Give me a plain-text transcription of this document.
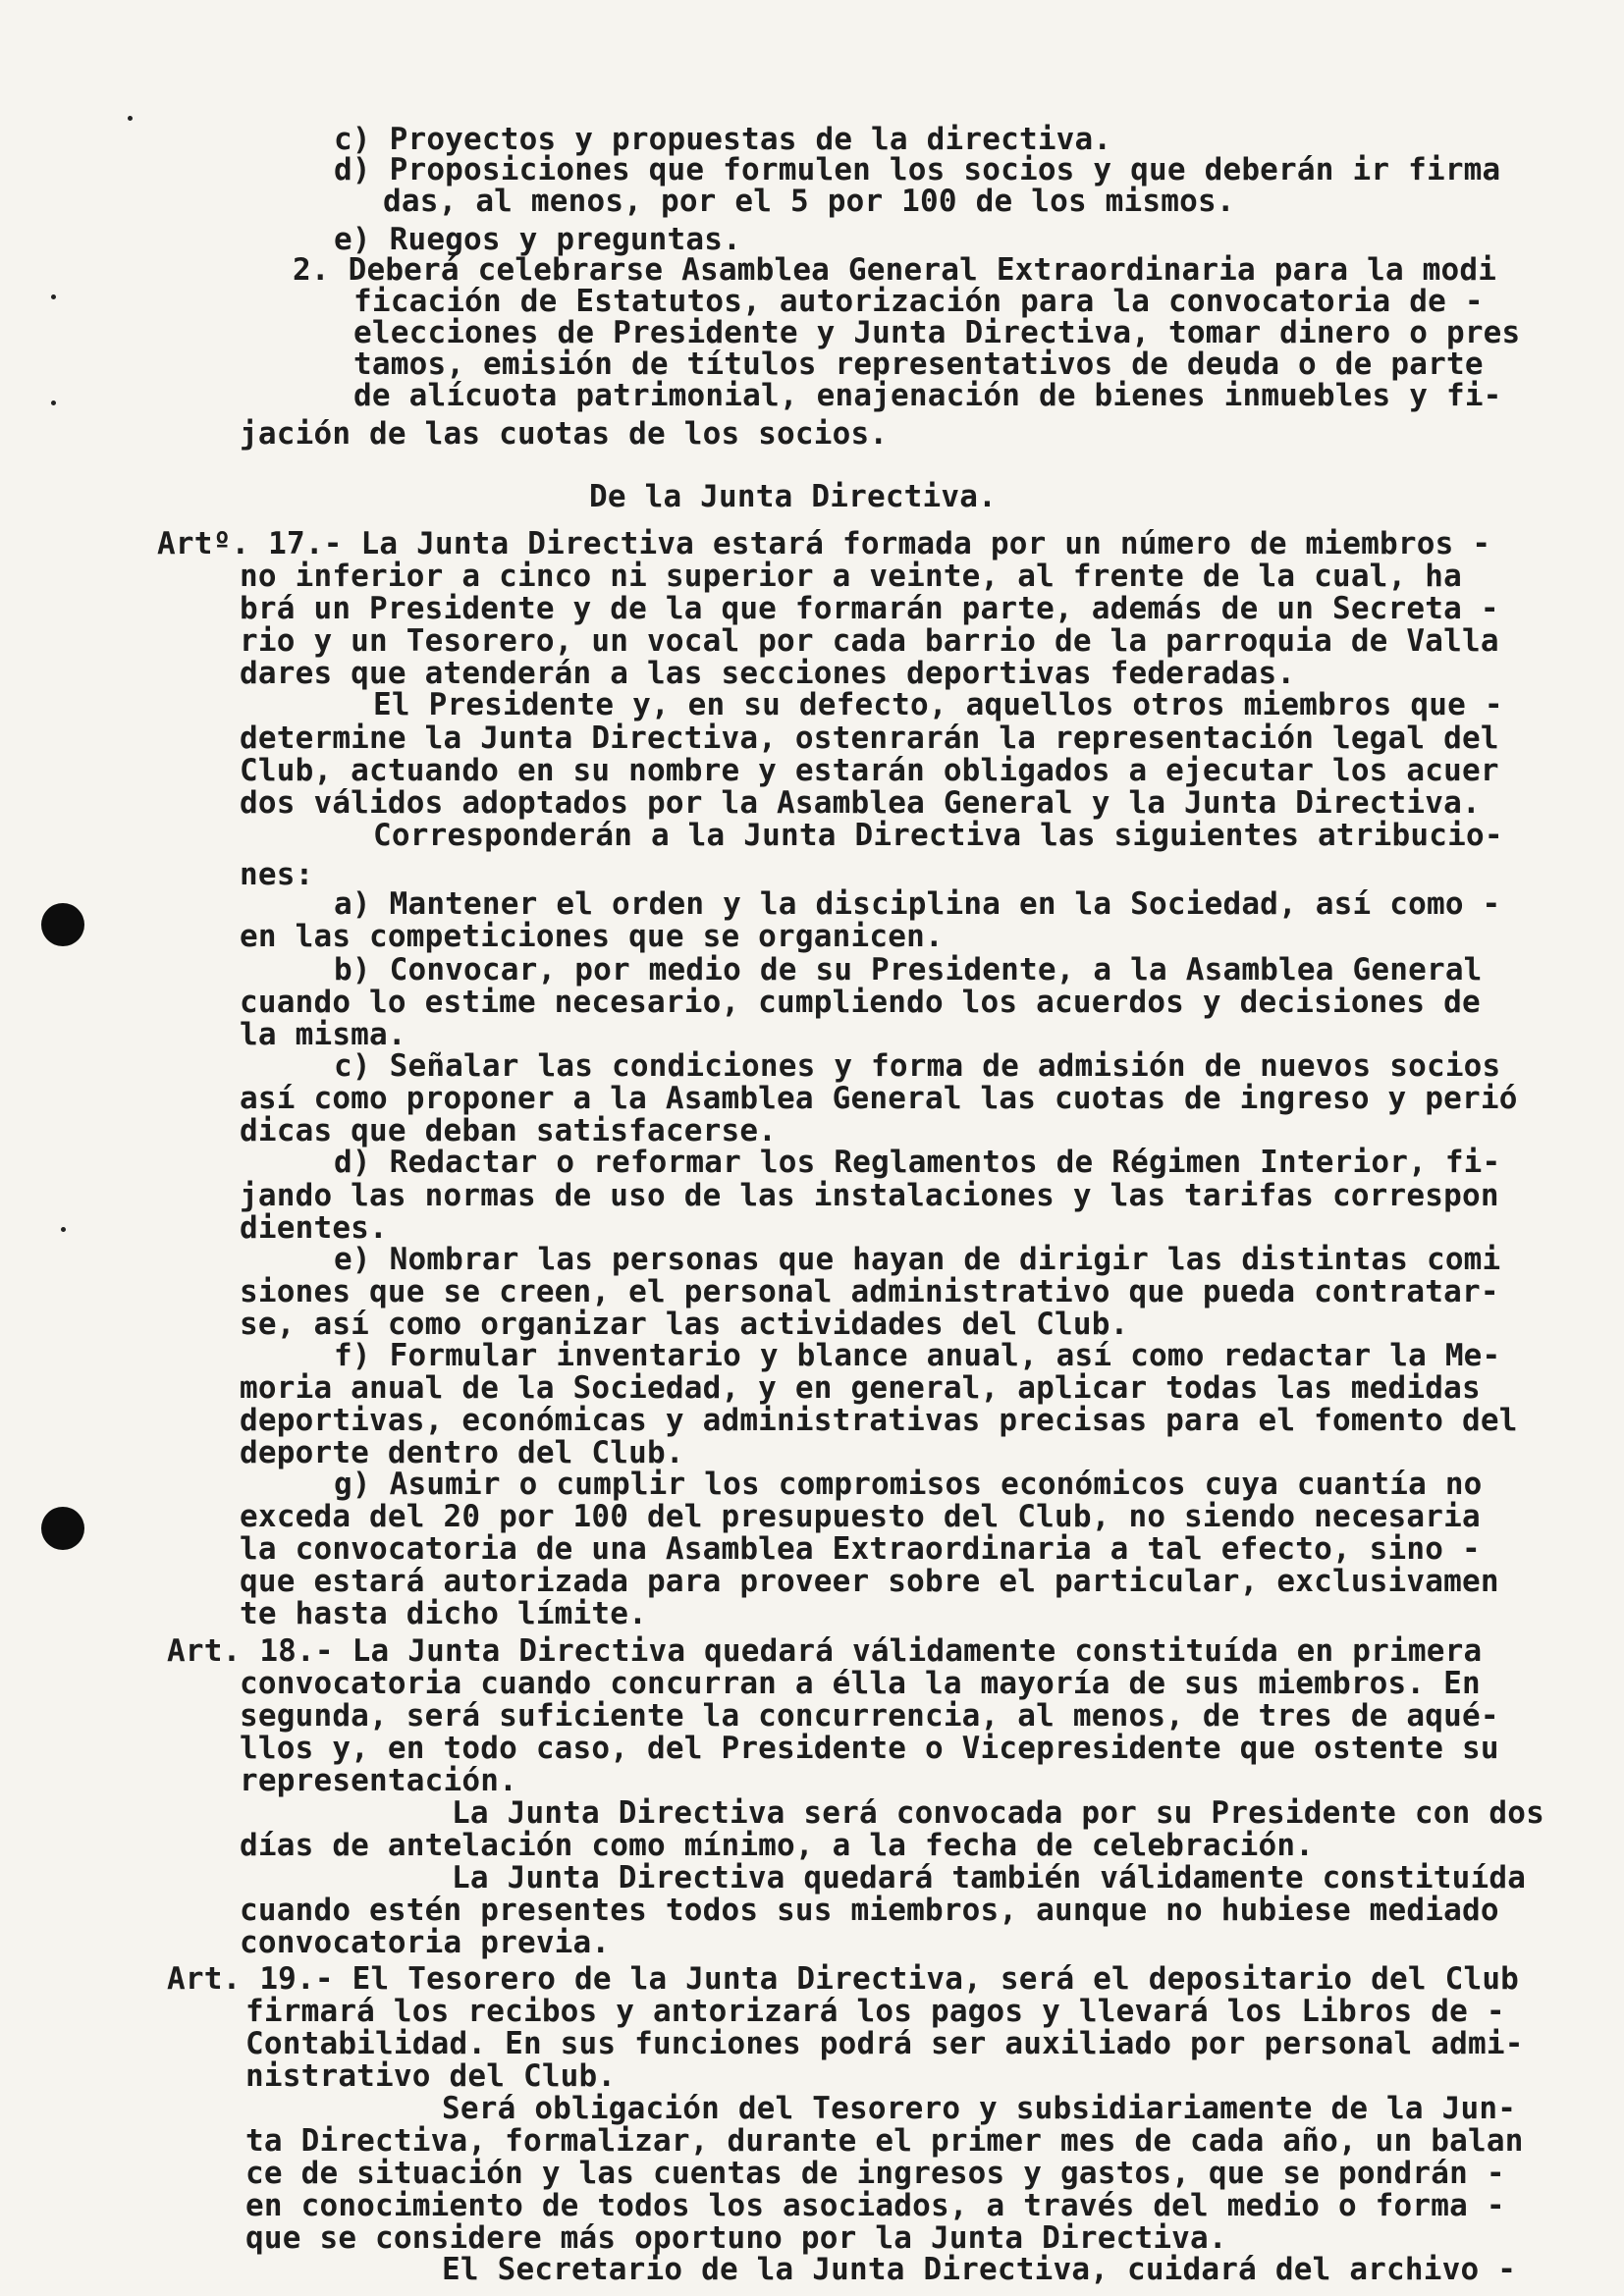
c) Proyectos y propuestas de la directiva.
d) Proposiciones que formulen los socios y que deberán ir firma
das, al menos, por el 5 por 100 de los mismos.
e) Ruegos y preguntas.
2. Deberá celebrarse Asamblea General Extraordinaria para la modi
ficación de Estatutos, autorización para la convocatoria de -
elecciones de Presidente y Junta Directiva, tomar dinero o pres
tamos, emisión de títulos representativos de deuda o de parte
de alícuota patrimonial, enajenación de bienes inmuebles y fi-
jación de las cuotas de los socios.
De la Junta Directiva.
Artº. 17.- La Junta Directiva estará formada por un número de miembros -
no inferior a cinco ni superior a veinte, al frente de la cual, ha
brá un Presidente y de la que formarán parte, además de un Secreta -
rio y un Tesorero, un vocal por cada barrio de la parroquia de Valla
dares que atenderán a las secciones deportivas federadas.
El Presidente y, en su defecto, aquellos otros miembros que -
determine la Junta Directiva, ostenrarán la representación legal del
Club, actuando en su nombre y estarán obligados a ejecutar los acuer
dos válidos adoptados por la Asamblea General y la Junta Directiva.
Corresponderán a la Junta Directiva las siguientes atribucio-
nes:
a) Mantener el orden y la disciplina en la Sociedad, así como -
en las competiciones que se organicen.
b) Convocar, por medio de su Presidente, a la Asamblea General
cuando lo estime necesario, cumpliendo los acuerdos y decisiones de
la misma.
c) Señalar las condiciones y forma de admisión de nuevos socios
así como proponer a la Asamblea General las cuotas de ingreso y perió
dicas que deban satisfacerse.
d) Redactar o reformar los Reglamentos de Régimen Interior, fi-
jando las normas de uso de las instalaciones y las tarifas correspon
dientes.
e) Nombrar las personas que hayan de dirigir las distintas comi
siones que se creen, el personal administrativo que pueda contratar-
se, así como organizar las actividades del Club.
f) Formular inventario y blance anual, así como redactar la Me-
moria anual de la Sociedad, y en general, aplicar todas las medidas
deportivas, económicas y administrativas precisas para el fomento del
deporte dentro del Club.
g) Asumir o cumplir los compromisos económicos cuya cuantía no
exceda del 20 por 100 del presupuesto del Club, no siendo necesaria
la convocatoria de una Asamblea Extraordinaria a tal efecto, sino -
que estará autorizada para proveer sobre el particular, exclusivamen
te hasta dicho límite.
Art. 18.- La Junta Directiva quedará válidamente constituída en primera
convocatoria cuando concurran a élla la mayoría de sus miembros. En
segunda, será suficiente la concurrencia, al menos, de tres de aqué-
llos y, en todo caso, del Presidente o Vicepresidente que ostente su
representación.
La Junta Directiva será convocada por su Presidente con dos
días de antelación como mínimo, a la fecha de celebración.
La Junta Directiva quedará también válidamente constituída
cuando estén presentes todos sus miembros, aunque no hubiese mediado
convocatoria previa.
Art. 19.- El Tesorero de la Junta Directiva, será el depositario del Club
firmará los recibos y antorizará los pagos y llevará los Libros de -
Contabilidad. En sus funciones podrá ser auxiliado por personal admi-
nistrativo del Club.
Será obligación del Tesorero y subsidiariamente de la Jun-
ta Directiva, formalizar, durante el primer mes de cada año, un balan
ce de situación y las cuentas de ingresos y gastos, que se pondrán -
en conocimiento de todos los asociados, a través del medio o forma -
que se considere más oportuno por la Junta Directiva.
El Secretario de la Junta Directiva, cuidará del archivo -
